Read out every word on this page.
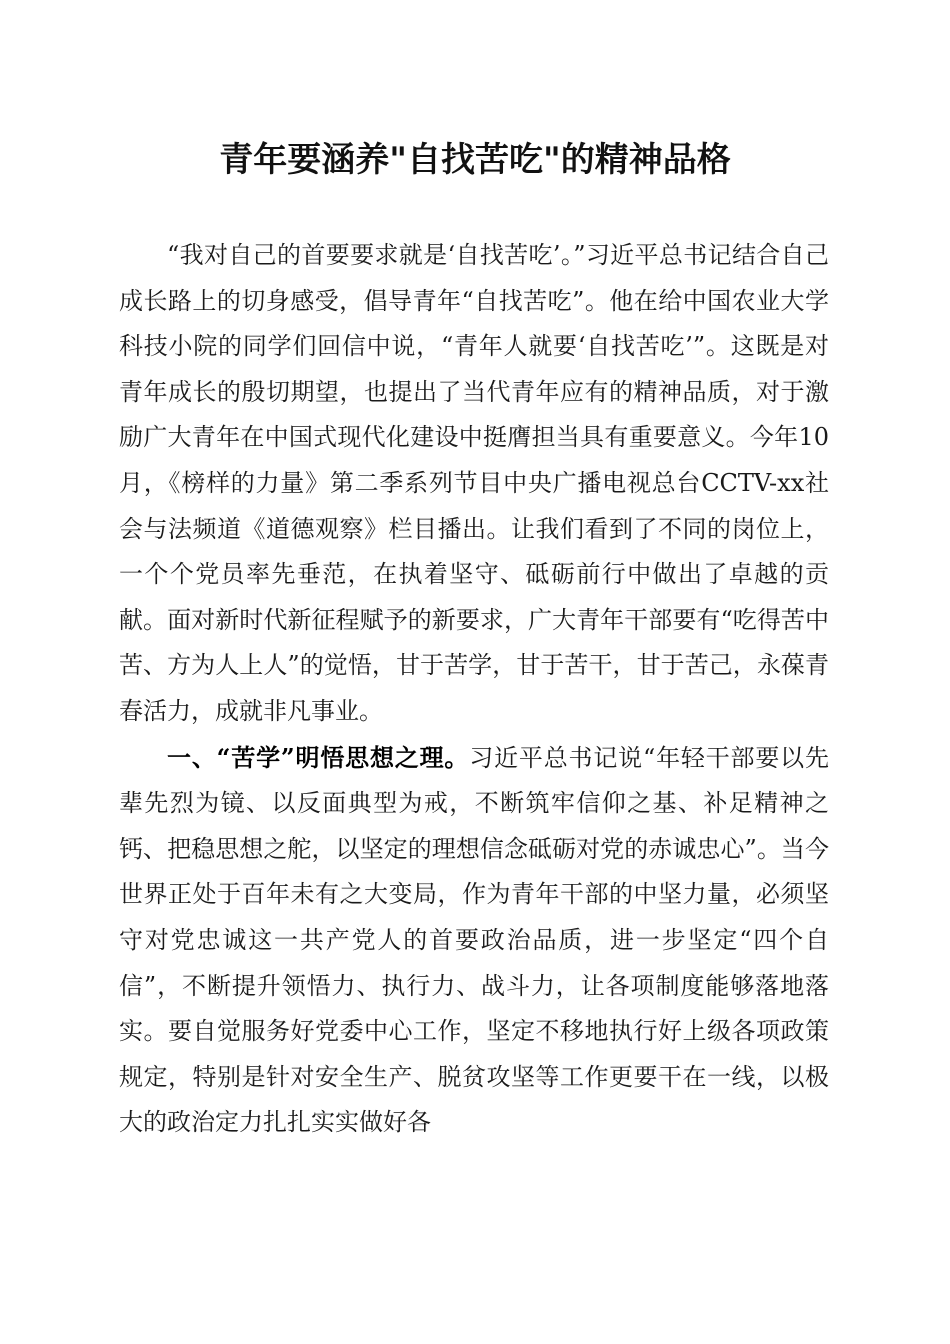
青年要涵养"自找苦吃"的精神品格

“我对自己的首要要求就是‘自找苦吃’。”习近平总书记结合自己成长路上的切身感受，倡导青年“自找苦吃”。他在给中国农业大学科技小院的同学们回信中说，“青年人就要‘自找苦吃’”。这既是对青年成长的殷切期望，也提出了当代青年应有的精神品质，对于激励广大青年在中国式现代化建设中挺膺担当具有重要意义。今年10月，《榜样的力量》第二季系列节目中央广播电视总台CCTV-xx社会与法频道《道德观察》栏目播出。让我们看到了不同的岗位上，一个个党员率先垂范，在执着坚守、砥砺前行中做出了卓越的贡献。面对新时代新征程赋予的新要求，广大青年干部要有“吃得苦中苦、方为人上人”的觉悟，甘于苦学，甘于苦干，甘于苦己，永葆青春活力，成就非凡事业。

一、“苦学”明悟思想之理。习近平总书记说“年轻干部要以先辈先烈为镜、以反面典型为戒，不断筑牢信仰之基、补足精神之钙、把稳思想之舵，以坚定的理想信念砥砺对党的赤诚忠心”。当今世界正处于百年未有之大变局，作为青年干部的中坚力量，必须坚守对党忠诚这一共产党人的首要政治品质，进一步坚定“四个自信”，不断提升领悟力、执行力、战斗力，让各项制度能够落地落实。要自觉服务好党委中心工作，坚定不移地执行好上级各项政策规定，特别是针对安全生产、脱贫攻坚等工作更要干在一线，以极大的政治定力扎扎实实做好各
